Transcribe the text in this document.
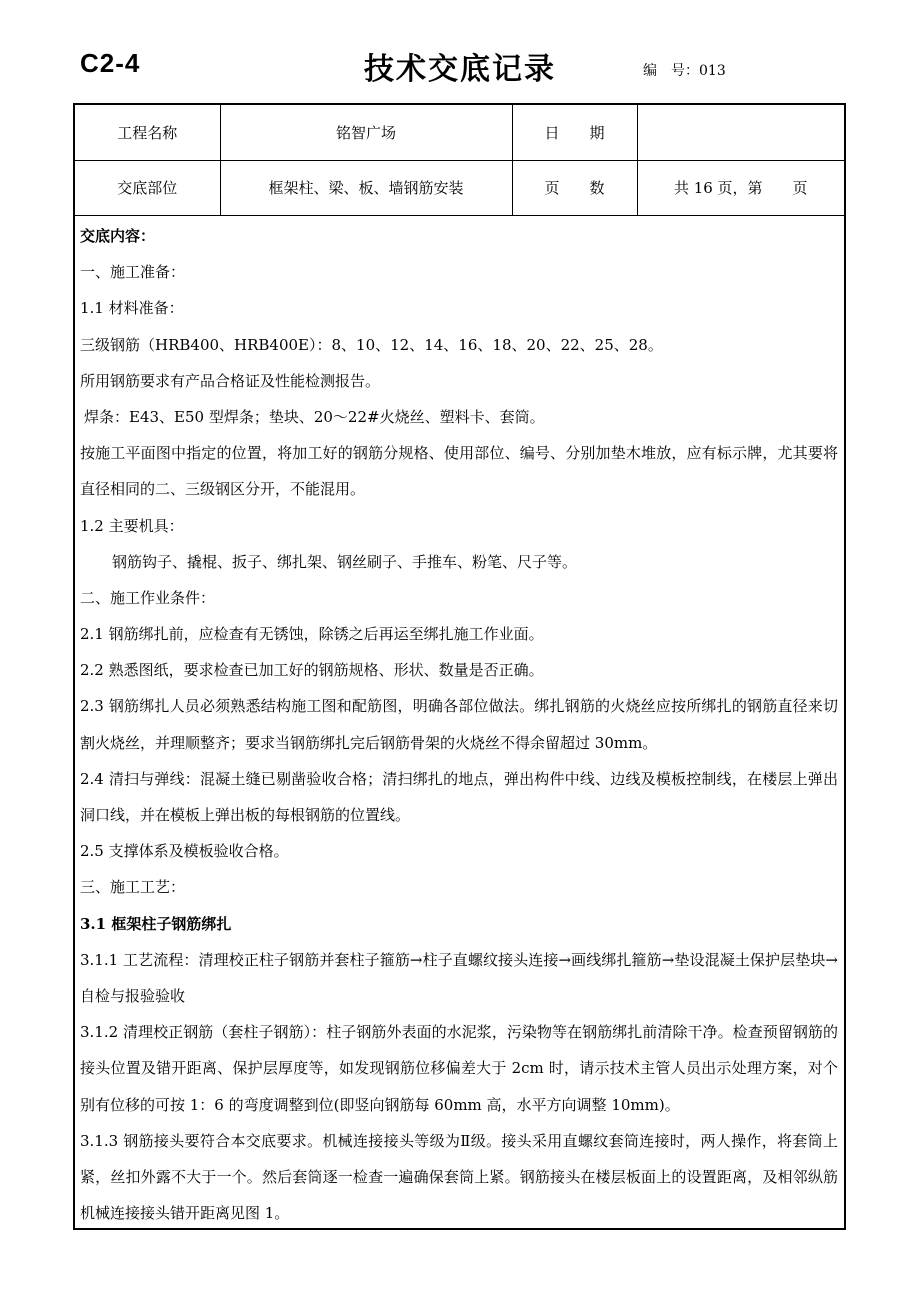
C2-4	技术交底记录	编　号：013
工程名称	铭智广场	日　　期	
交底部位	框架柱、梁、板、墙钢筋安装	页　　数	共 16 页，第　　页
交底内容：
一、施工准备：
1.1 材料准备：
三级钢筋（HRB400、HRB400E）：8、10、12、14、16、18、20、22、25、28。
所用钢筋要求有产品合格证及性能检测报告。
焊条：E43、E50 型焊条；垫块、20～22#火烧丝、塑料卡、套筒。
按施工平面图中指定的位置，将加工好的钢筋分规格、使用部位、编号、分别加垫木堆放，应有标示牌，尤其要将直径相同的二、三级钢区分开，不能混用。
1.2 主要机具：
钢筋钩子、撬棍、扳子、绑扎架、钢丝刷子、手推车、粉笔、尺子等。
二、施工作业条件：
2.1 钢筋绑扎前，应检查有无锈蚀，除锈之后再运至绑扎施工作业面。
2.2 熟悉图纸，要求检查已加工好的钢筋规格、形状、数量是否正确。
2.3 钢筋绑扎人员必须熟悉结构施工图和配筋图，明确各部位做法。绑扎钢筋的火烧丝应按所绑扎的钢筋直径来切割火烧丝，并理顺整齐；要求当钢筋绑扎完后钢筋骨架的火烧丝不得余留超过 30mm。
2.4 清扫与弹线：混凝土缝已剔凿验收合格；清扫绑扎的地点，弹出构件中线、边线及模板控制线，在楼层上弹出洞口线，并在模板上弹出板的每根钢筋的位置线。
2.5 支撑体系及模板验收合格。
三、施工工艺：
3.1 框架柱子钢筋绑扎
3.1.1 工艺流程：清理校正柱子钢筋并套柱子箍筋→柱子直螺纹接头连接→画线绑扎箍筋→垫设混凝土保护层垫块→自检与报验验收
3.1.2 清理校正钢筋（套柱子钢筋）：柱子钢筋外表面的水泥浆，污染物等在钢筋绑扎前清除干净。检查预留钢筋的接头位置及错开距离、保护层厚度等，如发现钢筋位移偏差大于 2cm 时，请示技术主管人员出示处理方案，对个别有位移的可按 1：6 的弯度调整到位(即竖向钢筋每 60mm 高，水平方向调整 10mm)。
3.1.3 钢筋接头要符合本交底要求。机械连接接头等级为Ⅱ级。接头采用直螺纹套筒连接时，两人操作，将套筒上紧，丝扣外露不大于一个。然后套筒逐一检查一遍确保套筒上紧。钢筋接头在楼层板面上的设置距离，及相邻纵筋机械连接接头错开距离见图 1。
